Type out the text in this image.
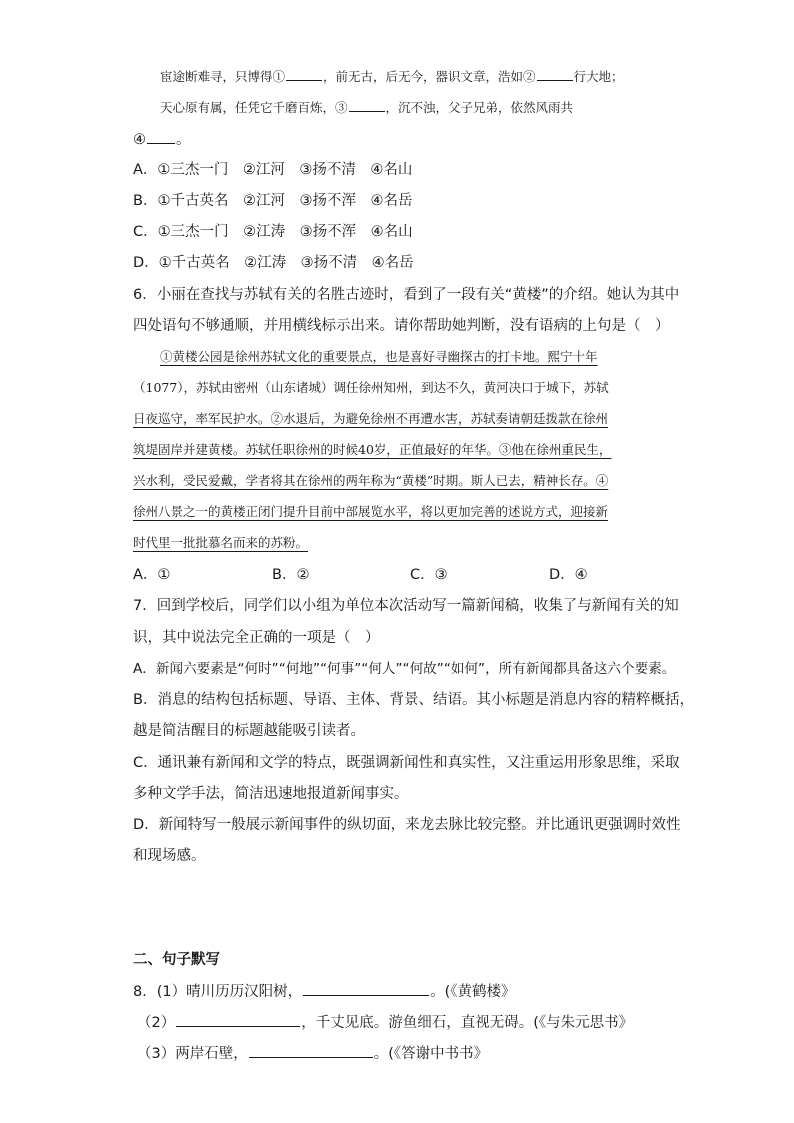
宦途断难寻，只博得①	，前无古，后无今，器识文章，浩如②	行大地；
天心原有属，任凭它千磨百炼，③	，沉不浊，父子兄弟，依然风雨共
④ 。
A．①三杰一门　②江河　③扬不清　④名山
B．①千古英名　②江河　③扬不浑　④名岳
C．①三杰一门　②江涛　③扬不浑　④名山
D．①千古英名　②江涛　③扬不清　④名岳
6．小丽在查找与苏轼有关的名胜古迹时，看到了一段有关“黄楼”的介绍。她认为其中
四处语句不够通顺，并用横线标示出来。请你帮助她判断，没有语病的上句是（　）
①黄楼公园是徐州苏轼文化的重要景点，也是喜好寻幽探古的打卡地。熙宁十年
（1077），苏轼由密州（山东诸城）调任徐州知州，到达不久，黄河决口于城下，苏轼
日夜巡守，率军民护水。②水退后，为避免徐州不再遭水害，苏轼奏请朝廷拨款在徐州
筑堤固岸并建黄楼。苏轼任职徐州的时候40岁，正值最好的年华。③他在徐州重民生，
兴水利，受民爱戴，学者将其在徐州的两年称为“黄楼”时期。斯人已去，精神长存。④
徐州八景之一的黄楼正闭门提升目前中部展览水平，将以更加完善的述说方式，迎接新
时代里一批批慕名而来的苏粉。
A．①	B．②	C．③	D．④
7．回到学校后，同学们以小组为单位本次活动写一篇新闻稿，收集了与新闻有关的知
识，其中说法完全正确的一项是（　）
A．新闻六要素是“何时”“何地”“何事”“何人”“何故”“如何”，所有新闻都具备这六个要素。
B．消息的结构包括标题、导语、主体、背景、结语。其小标题是消息内容的精粹概括，
越是简洁醒目的标题越能吸引读者。
C．通讯兼有新闻和文学的特点，既强调新闻性和真实性，又注重运用形象思维，采取
多种文学手法，简洁迅速地报道新闻事实。
D．新闻特写一般展示新闻事件的纵切面，来龙去脉比较完整。并比通讯更强调时效性
和现场感。
二、句子默写
8．(1）晴川历历汉阳树，	。(《黄鹤楼》
（2）	，千丈见底。游鱼细石，直视无碍。(《与朱元思书》
（3）两岸石壁，	。(《答谢中书书》
